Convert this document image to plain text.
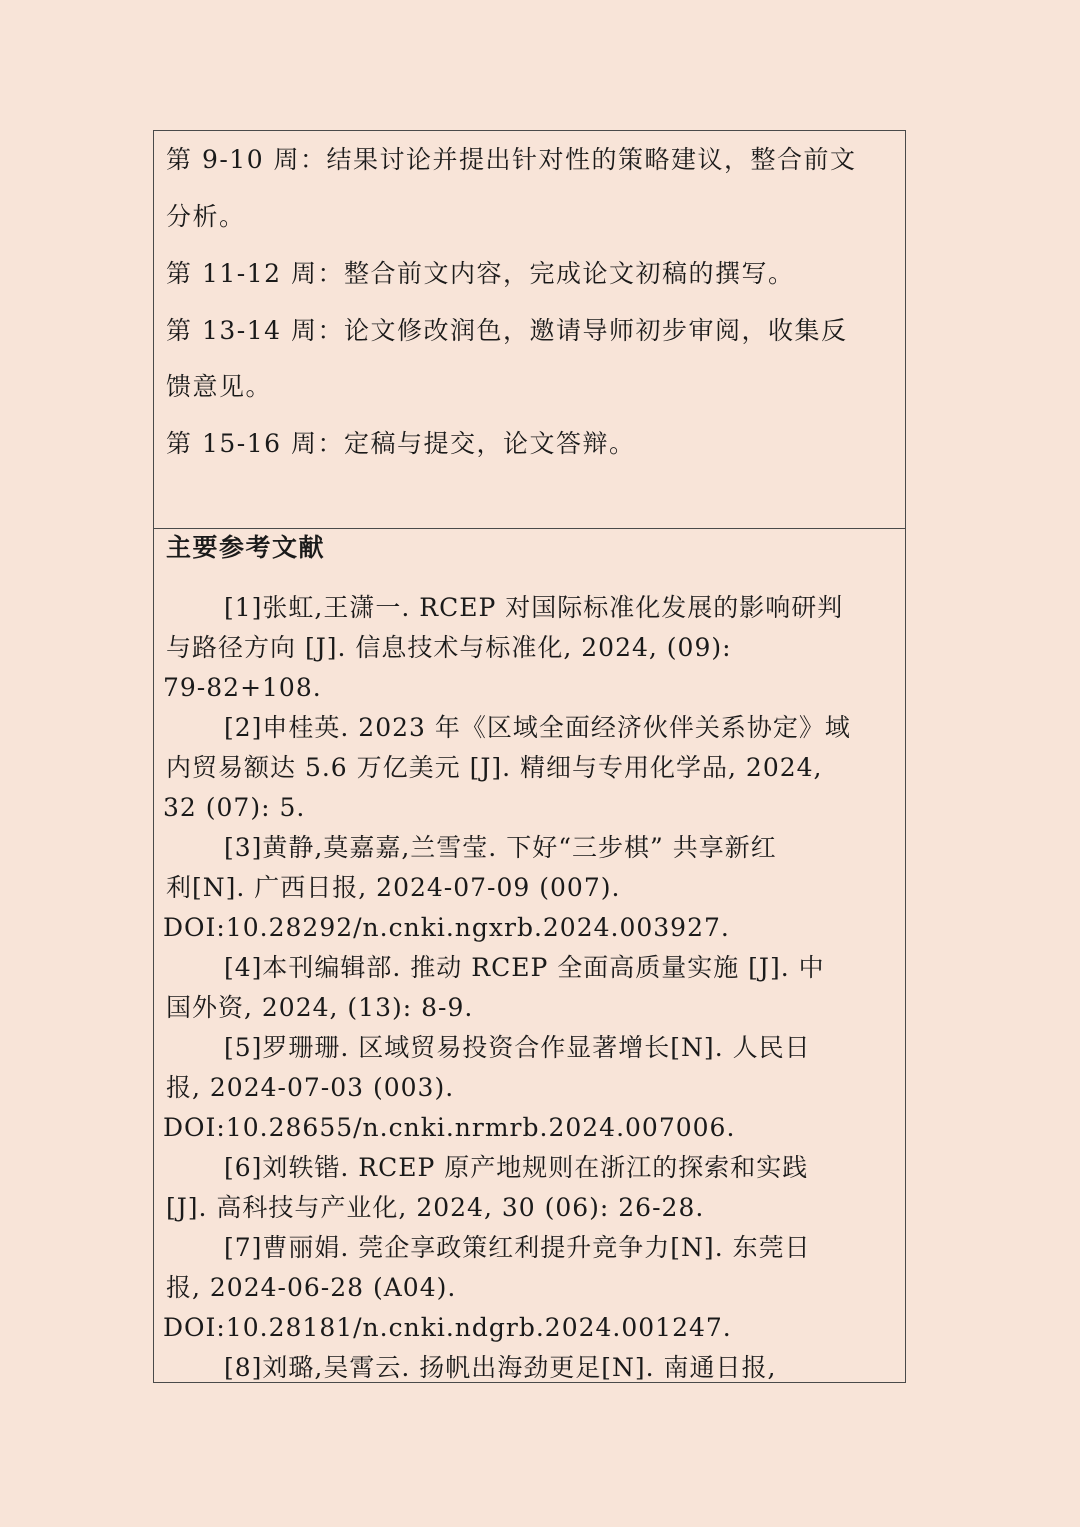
第 9-10 周：结果讨论并提出针对性的策略建议，整合前文
分析。
第 11-12 周：整合前文内容，完成论文初稿的撰写。
第 13-14 周：论文修改润色，邀请导师初步审阅，收集反
馈意见。
第 15-16 周：定稿与提交，论文答辩。
主要参考文献
[1]张虹,王潇一. RCEP 对国际标准化发展的影响研判
与路径方向 [J]. 信息技术与标准化, 2024, (09):
79-82+108.
[2]申桂英. 2023 年《区域全面经济伙伴关系协定》域
内贸易额达 5.6 万亿美元 [J]. 精细与专用化学品, 2024,
32 (07): 5.
[3]黄静,莫嘉嘉,兰雪莹. 下好“三步棋” 共享新红
利[N]. 广西日报, 2024-07-09 (007).
DOI:10.28292/n.cnki.ngxrb.2024.003927.
[4]本刊编辑部. 推动 RCEP 全面高质量实施 [J]. 中
国外资, 2024, (13): 8-9.
[5]罗珊珊. 区域贸易投资合作显著增长[N]. 人民日
报, 2024-07-03 (003).
DOI:10.28655/n.cnki.nrmrb.2024.007006.
[6]刘轶锴. RCEP 原产地规则在浙江的探索和实践
[J]. 高科技与产业化, 2024, 30 (06): 26-28.
[7]曹丽娟. 莞企享政策红利提升竞争力[N]. 东莞日
报, 2024-06-28 (A04).
DOI:10.28181/n.cnki.ndgrb.2024.001247.
[8]刘璐,吴霄云. 扬帆出海劲更足[N]. 南通日报,
